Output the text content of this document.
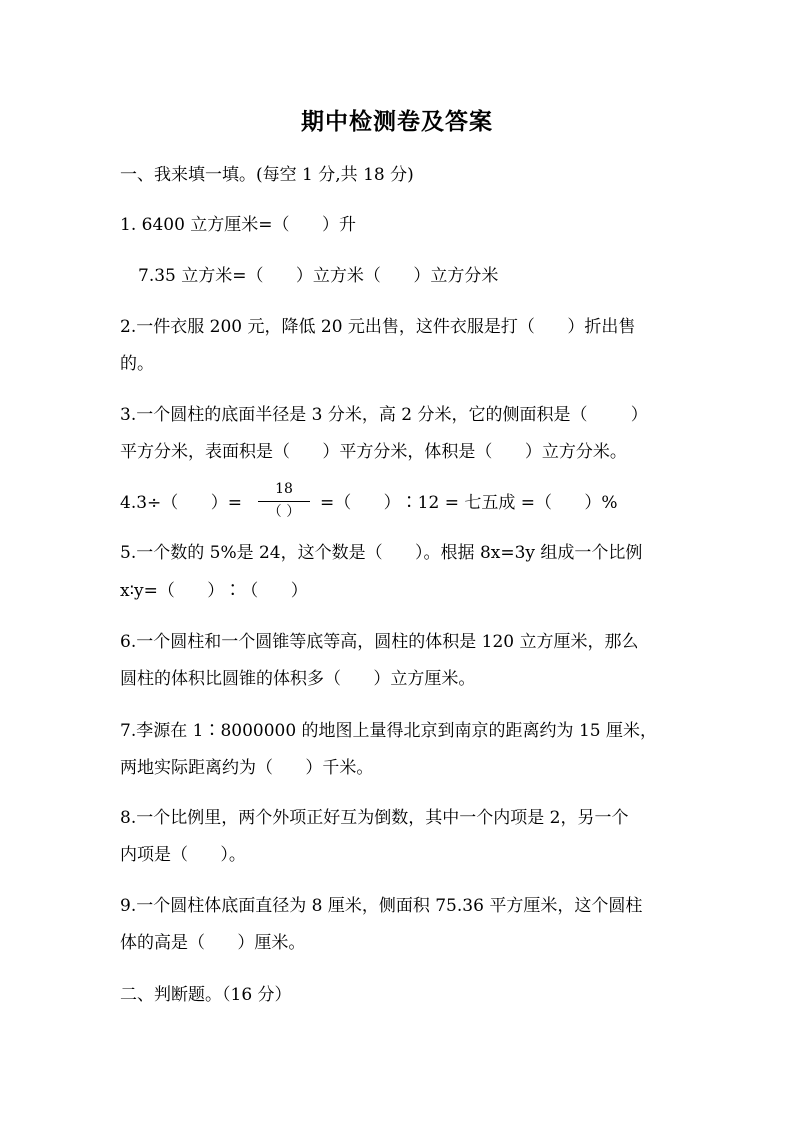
期中检测卷及答案
一、我来填一填。(每空 1 分,共 18 分)
1. 6400 立方厘米=（      ）升
7.35 立方米=（      ）立方米（      ）立方分米
2.一件衣服 200 元，降低 20 元出售，这件衣服是打（      ）折出售
的。
3.一个圆柱的底面半径是 3 分米，高 2 分米，它的侧面积是（        ）
平方分米，表面积是（      ）平方分米，体积是（      ）立方分米。
4.3÷（      ）=
18
（ ）	=（      ）∶12 = 七五成 =（      ）%
5.一个数的 5%是 24，这个数是（      ）。根据 8x=3y 组成一个比例
x∶y=（      ）∶（      ）
6.一个圆柱和一个圆锥等底等高，圆柱的体积是 120 立方厘米，那么
圆柱的体积比圆锥的体积多（      ）立方厘米。
7.李源在 1∶8000000 的地图上量得北京到南京的距离约为 15 厘米，
两地实际距离约为（      ）千米。
8.一个比例里，两个外项正好互为倒数，其中一个内项是 2，另一个
内项是（      ）。
9.一个圆柱体底面直径为 8 厘米，侧面积 75.36 平方厘米，这个圆柱
体的高是（      ）厘米。
二、判断题。（16 分）
